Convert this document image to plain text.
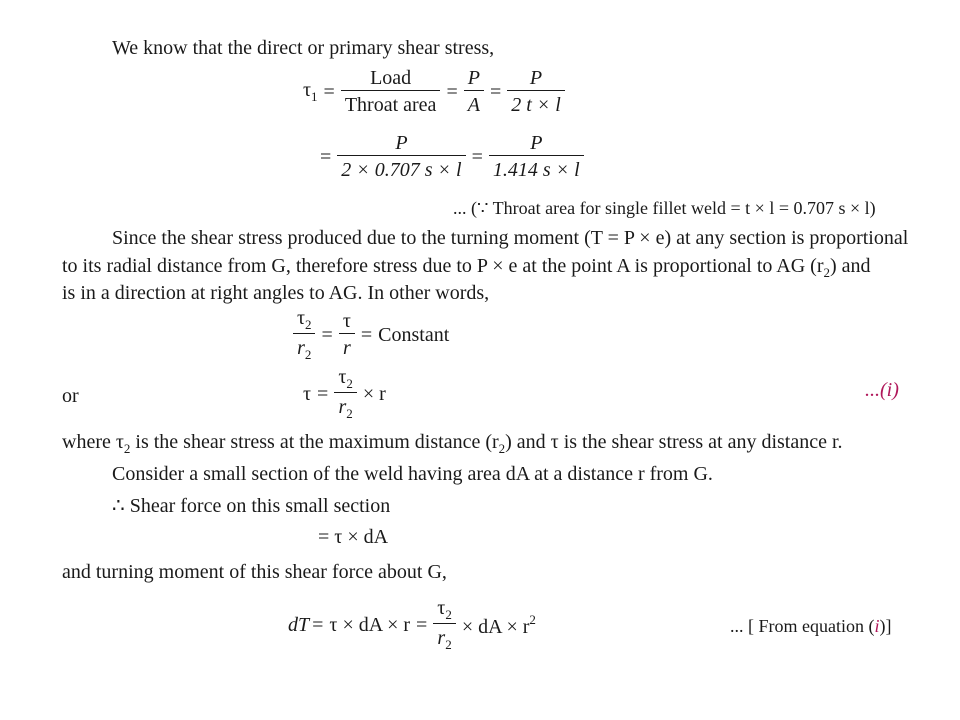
We know that the direct or primary shear stress,
$\tau_1 = \frac{\text{Load}}{\text{Throat area}} = \frac{P}{A} = \frac{P}{2 t \times l}$
= $\frac{P}{2 \times 0.707 s \times l} = \frac{P}{1.414 s \times l}$
... (∵ Throat area for single fillet weld = t × l = 0.707 s × l)
Since the shear stress produced due to the turning moment (T = P × e) at any section is proportional
to its radial distance from G, therefore stress due to P × e at the point A is proportional to AG $(r_2)$ and
is in a direction at right angles to AG. In other words,
$\frac{\tau_2}{r_2} = \frac{\tau}{r}$ = Constant
or	$\tau = \frac{\tau_2}{r_2} \times r$	...(i)
where $\tau_2$ is the shear stress at the maximum distance $(r_2)$ and τ is the shear stress at any distance r.
Consider a small section of the weld having area dA at a distance r from G.
∴ Shear force on this small section
= τ × dA
and turning moment of this shear force about G,
dT = τ × dA × $r = \frac{\tau_2}{r_2}$ × dA × $r^2$	... [ From equation (i)]
